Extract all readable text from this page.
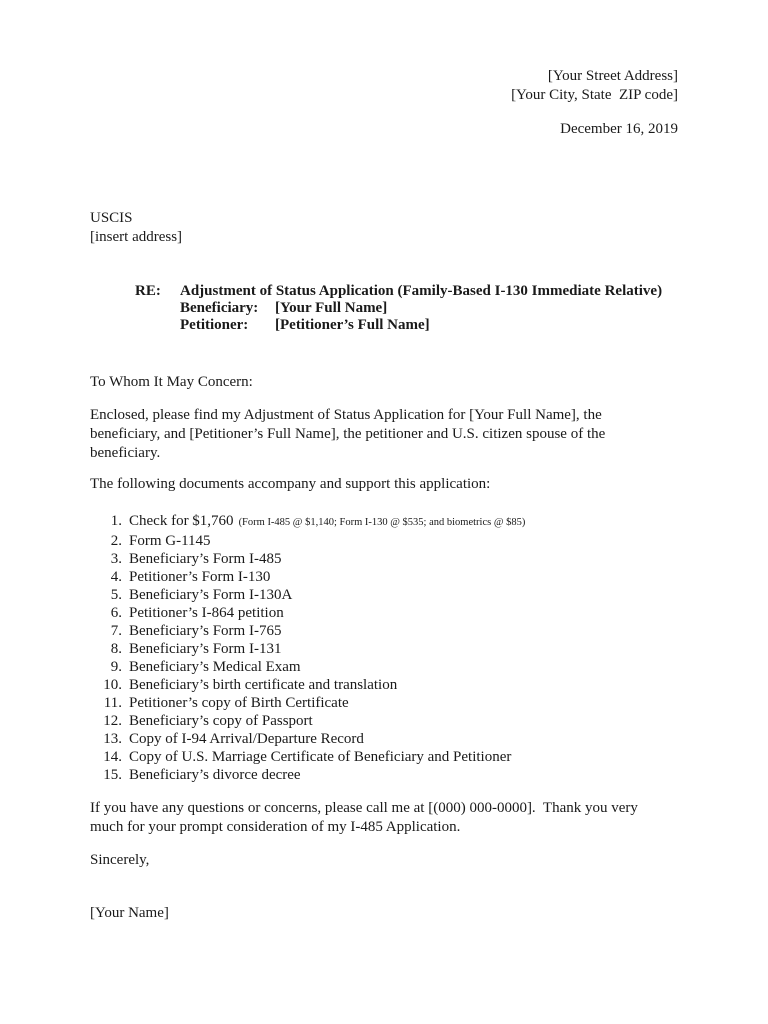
[Your Street Address]
[Your City, State  ZIP code]
December 16, 2019
USCIS
[insert address]
RE:	Adjustment of Status Application (Family-Based I-130 Immediate Relative)
Beneficiary:	[Your Full Name]
Petitioner:	[Petitioner’s Full Name]
To Whom It May Concern:
Enclosed, please find my Adjustment of Status Application for [Your Full Name], the
beneficiary, and [Petitioner’s Full Name], the petitioner and U.S. citizen spouse of the
beneficiary.
The following documents accompany and support this application:
1. Check for $1,760 (Form I-485 @ $1,140; Form I-130 @ $535; and biometrics @ $85)
2. Form G-1145
3. Beneficiary’s Form I-485
4. Petitioner’s Form I-130
5. Beneficiary’s Form I-130A
6. Petitioner’s I-864 petition
7. Beneficiary’s Form I-765
8. Beneficiary’s Form I-131
9. Beneficiary’s Medical Exam
10. Beneficiary’s birth certificate and translation
11. Petitioner’s copy of Birth Certificate
12. Beneficiary’s copy of Passport
13. Copy of I-94 Arrival/Departure Record
14. Copy of U.S. Marriage Certificate of Beneficiary and Petitioner
15. Beneficiary’s divorce decree
If you have any questions or concerns, please call me at [(000) 000-0000].  Thank you very
much for your prompt consideration of my I-485 Application.
Sincerely,
[Your Name]
